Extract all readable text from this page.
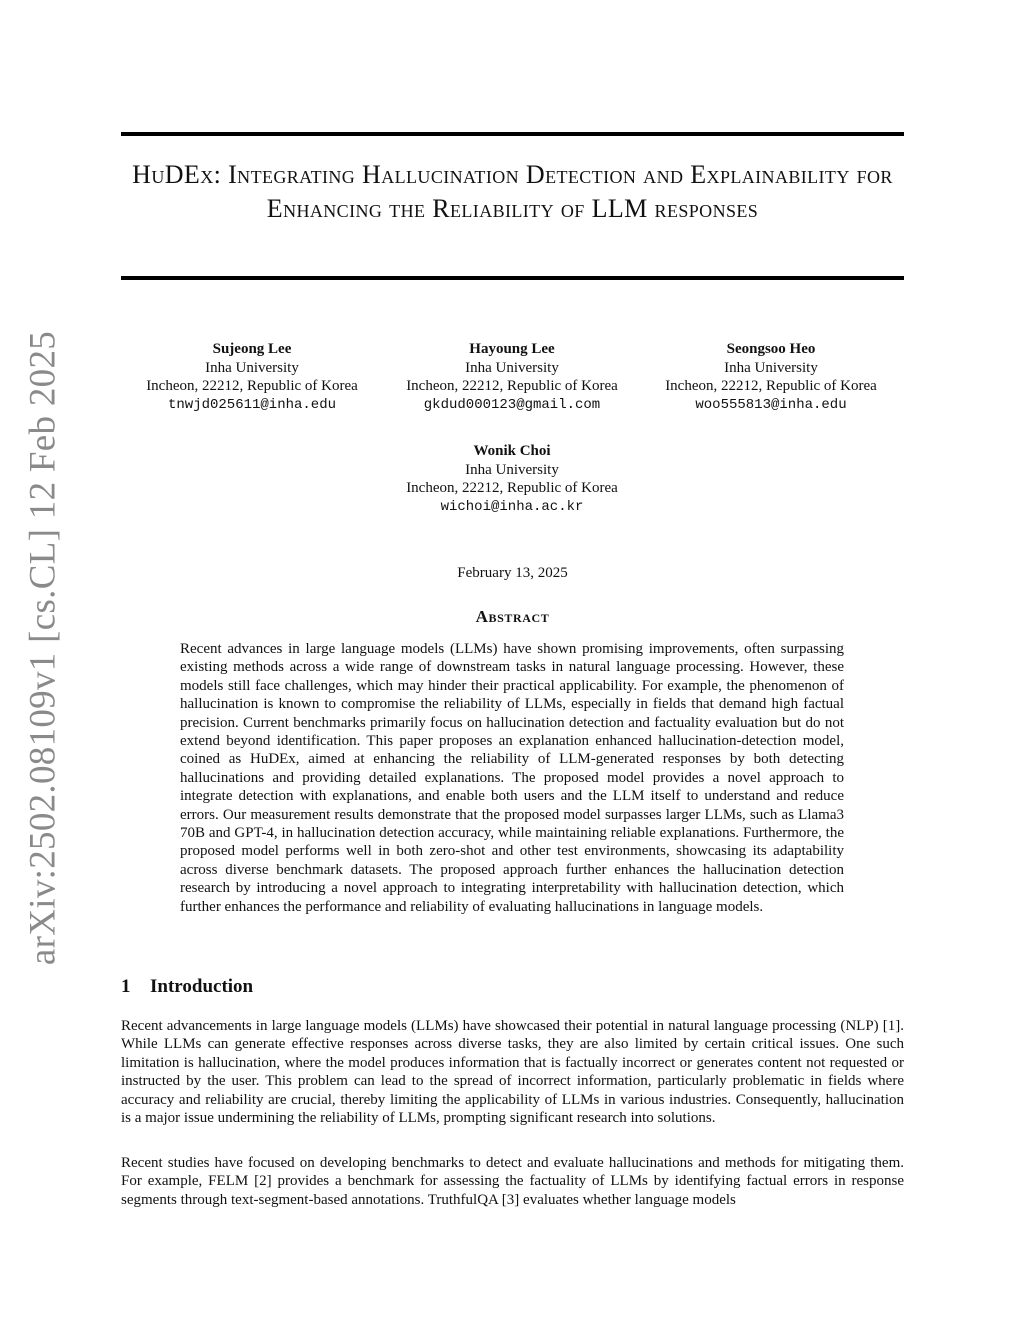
arXiv:2502.08109v1 [cs.CL] 12 Feb 2025
HuDEx: Integrating Hallucination Detection and Explainability for Enhancing the Reliability of LLM responses
Sujeong Lee
Inha University
Incheon, 22212, Republic of Korea
tnwjd025611@inha.edu
Hayoung Lee
Inha University
Incheon, 22212, Republic of Korea
gkdud000123@gmail.com
Seongsoo Heo
Inha University
Incheon, 22212, Republic of Korea
woo555813@inha.edu
Wonik Choi
Inha University
Incheon, 22212, Republic of Korea
wichoi@inha.ac.kr
February 13, 2025
Abstract
Recent advances in large language models (LLMs) have shown promising improvements, often surpassing existing methods across a wide range of downstream tasks in natural language processing. However, these models still face challenges, which may hinder their practical applicability. For example, the phenomenon of hallucination is known to compromise the reliability of LLMs, especially in fields that demand high factual precision. Current benchmarks primarily focus on hallucination detection and factuality evaluation but do not extend beyond identification. This paper proposes an explanation enhanced hallucination-detection model, coined as HuDEx, aimed at enhancing the reliability of LLM-generated responses by both detecting hallucinations and providing detailed explanations. The proposed model provides a novel approach to integrate detection with explanations, and enable both users and the LLM itself to understand and reduce errors. Our measurement results demonstrate that the proposed model surpasses larger LLMs, such as Llama3 70B and GPT-4, in hallucination detection accuracy, while maintaining reliable explanations. Furthermore, the proposed model performs well in both zero-shot and other test environments, showcasing its adaptability across diverse benchmark datasets. The proposed approach further enhances the hallucination detection research by introducing a novel approach to integrating interpretability with hallucination detection, which further enhances the performance and reliability of evaluating hallucinations in language models.
1 Introduction
Recent advancements in large language models (LLMs) have showcased their potential in natural language processing (NLP) [1]. While LLMs can generate effective responses across diverse tasks, they are also limited by certain critical issues. One such limitation is hallucination, where the model produces information that is factually incorrect or generates content not requested or instructed by the user. This problem can lead to the spread of incorrect information, particularly problematic in fields where accuracy and reliability are crucial, thereby limiting the applicability of LLMs in various industries. Consequently, hallucination is a major issue undermining the reliability of LLMs, prompting significant research into solutions.
Recent studies have focused on developing benchmarks to detect and evaluate hallucinations and methods for mitigating them. For example, FELM [2] provides a benchmark for assessing the factuality of LLMs by identifying factual errors in response segments through text-segment-based annotations. TruthfulQA [3] evaluates whether language models
